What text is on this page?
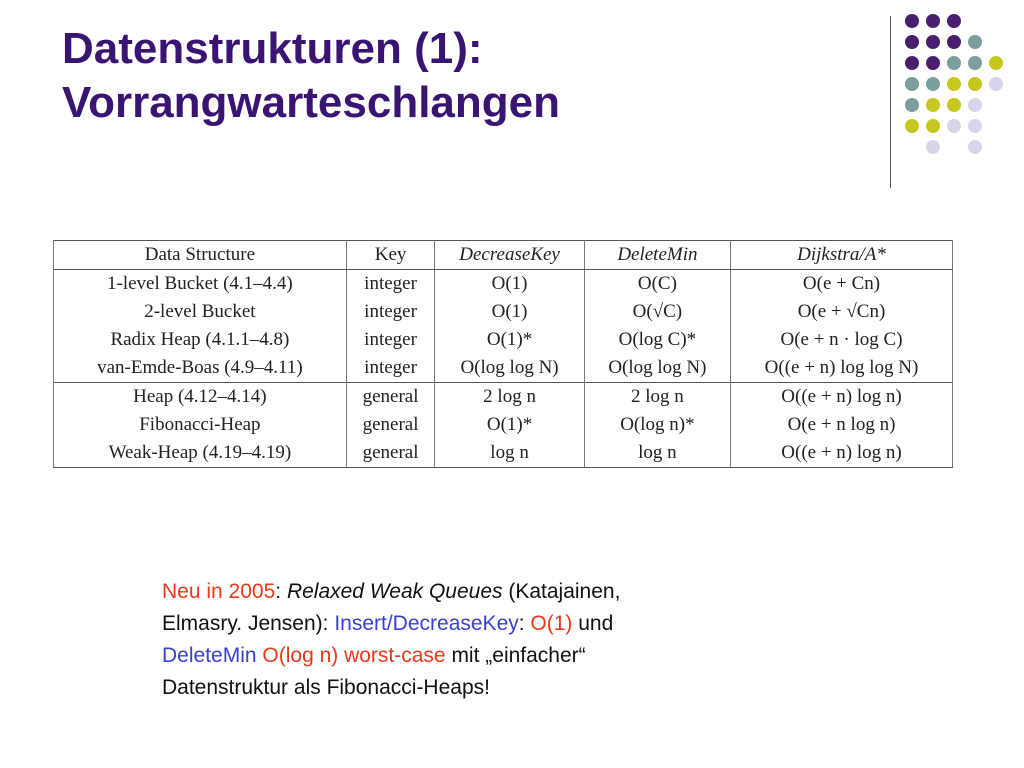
Datenstrukturen (1):
Vorrangwarteschlangen
Data Structure	Key	DecreaseKey	DeleteMin	Dijkstra/A*
1-level Bucket (4.1–4.4)	integer	O(1)	O(C)	O(e + Cn)
2-level Bucket	integer	O(1)	O(√C)	O(e + √Cn)
Radix Heap (4.1.1–4.8)	integer	O(1)*	O(log C)*	O(e + n · log C)
van-Emde-Boas (4.9–4.11)	integer	O(log log N)	O(log log N)	O((e + n) log log N)
Heap (4.12–4.14)	general	2 log n	2 log n	O((e + n) log n)
Fibonacci-Heap	general	O(1)*	O(log n)*	O(e + n log n)
Weak-Heap (4.19–4.19)	general	log n	log n	O((e + n) log n)
Neu in 2005: Relaxed Weak Queues (Katajainen,
Elmasry. Jensen): Insert/DecreaseKey: O(1) und
DeleteMin O(log n) worst-case mit „einfacher“
Datenstruktur als Fibonacci-Heaps!
